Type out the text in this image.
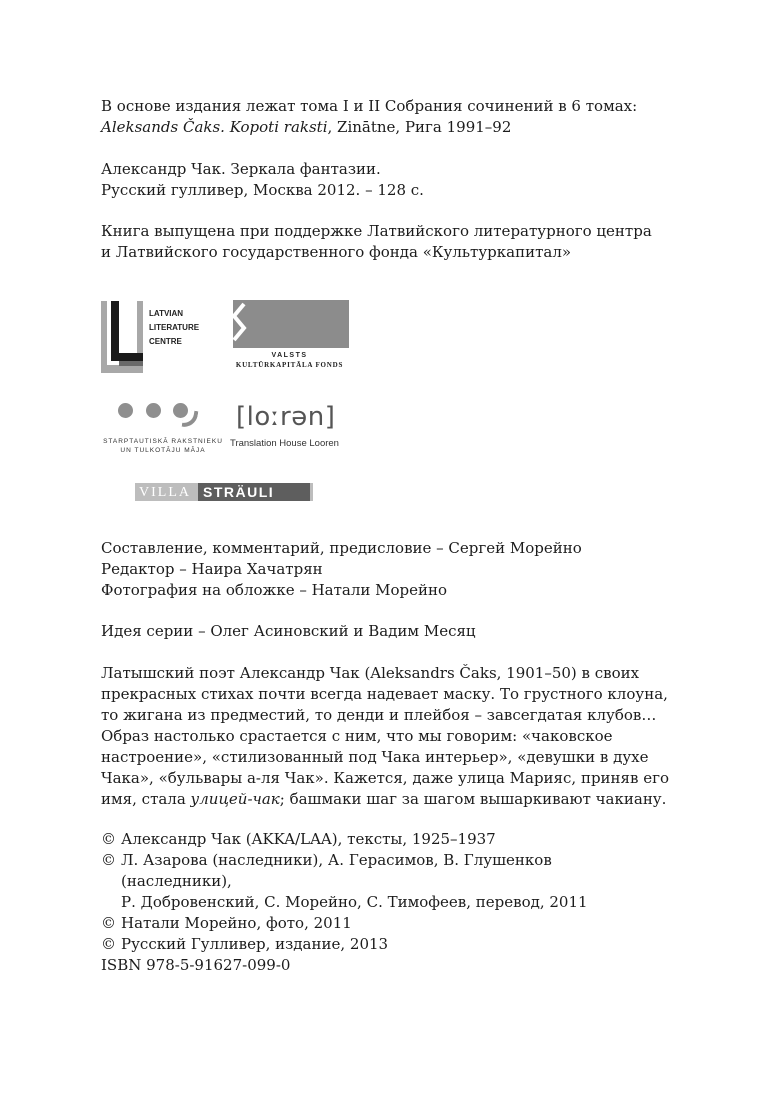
В основе издания лежат тома I и II Собрания сочинений в 6 томах:
Aleksands Čaks. Kopoti raksti, Zinātne, Рига 1991–92

Александр Чак. Зеркала фантазии.
Русский гулливер, Москва 2012. – 128 с.

Книга выпущена при поддержке Латвийского литературного центра
и Латвийского государственного фонда «Культуркапитал»

Составление, комментарий, предисловие – Сергей Морейно
Редактор – Наира Хачатрян
Фотография на обложке – Натали Морейно

Идея серии – Олег Асиновский и Вадим Месяц

Латышский поэт Александр Чак (Aleksandrs Čaks, 1901–50) в своих
прекрасных стихах почти всегда надевает маску. То грустного клоуна,
то жигана из предместий, то денди и плейбоя – завсегдатая клубов…
Образ настолько срастается с ним, что мы говорим: «чаковское
настроение», «стилизованный под Чака интерьер», «девушки в духе
Чака», «бульвары а-ля Чак». Кажется, даже улица Марияс, приняв его
имя, стала улицей-чак; башмаки шаг за шагом вышаркивают чакиану.

© Александр Чак (AKKA/LAA), тексты, 1925–1937
© Л. Азарова (наследники), А. Герасимов, В. Глушенков (наследники),
Р. Добровенский, С. Морейно, С. Тимофеев, перевод, 2011
© Натали Морейно, фото, 2011
© Русский Гулливер, издание, 2013

ISBN 978-5-91627-099-0

LATVIAN
LITERATURE
CENTRE
VALSTS
KULTŪRKAPITĀLA FONDS
STARPTAUTISKĀ RAKSTNIEKU
UN TULKOTĀJU MĀJA
[loːrən]
Translation House Looren
VILLA STRÄULI
